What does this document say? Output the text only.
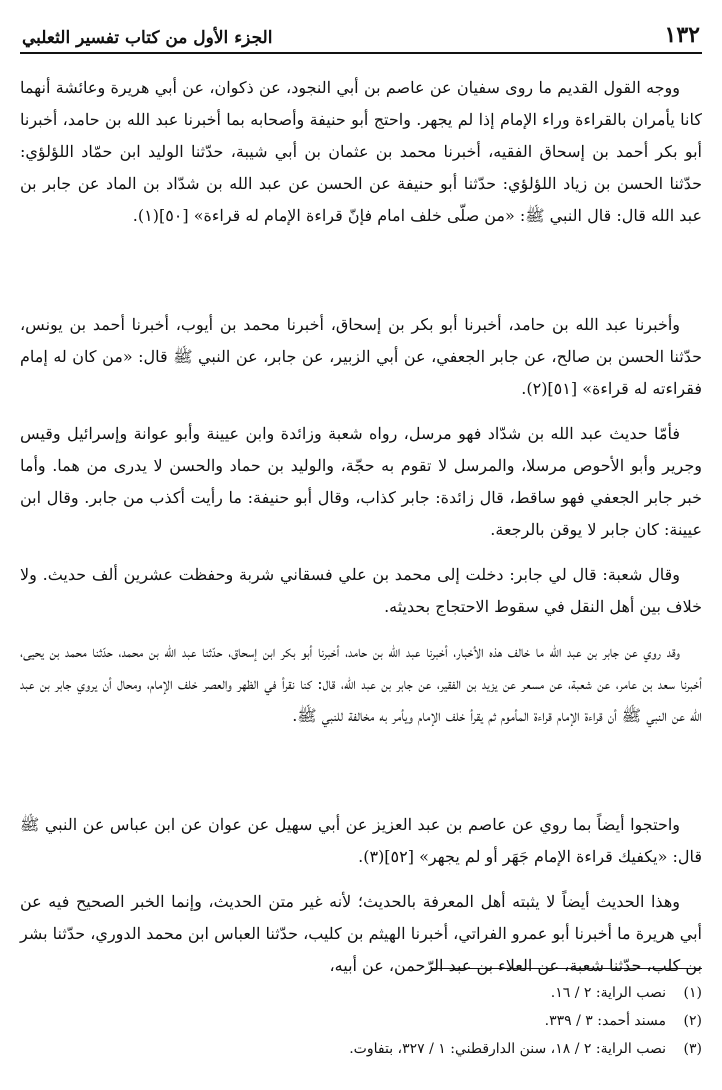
١٣٢
الجزء الأول من كتاب تفسير الثعلبي

ووجه القول القديم ما روى سفيان عن عاصم بن أبي النجود، عن ذكوان، عن أبي هريرة وعائشة أنهما كانا يأمران بالقراءة وراء الإمام إذا لم يجهر. واحتج أبو حنيفة وأصحابه بما أخبرنا عبد الله بن حامد، أخبرنا أبو بكر أحمد بن إسحاق الفقيه، أخبرنا محمد بن عثمان بن أبي شيبة، حدّثنا الوليد ابن حمّاد اللؤلؤي: حدّثنا الحسن بن زياد اللؤلؤي: حدّثنا أبو حنيفة عن الحسن عن عبد الله بن شدّاد بن الماد عن جابر بن عبد الله قال: قال النبي ﷺ: «من صلّى خلف امام فإنّ قراءة الإمام له قراءة» [٥٠](١).

وأخبرنا عبد الله بن حامد، أخبرنا أبو بكر بن إسحاق، أخبرنا محمد بن أيوب، أخبرنا أحمد بن يونس، حدّثنا الحسن بن صالح، عن جابر الجعفي، عن أبي الزبير، عن جابر، عن النبي ﷺ قال: «من كان له إمام فقراءته له قراءة» [٥١](٢).

فأمّا حديث عبد الله بن شدّاد فهو مرسل، رواه شعبة وزائدة وابن عيينة وأبو عوانة وإسرائيل وقيس وجرير وأبو الأحوص مرسلا، والمرسل لا تقوم به حجّة، والوليد بن حماد والحسن لا يدرى من هما. وأما خبر جابر الجعفي فهو ساقط، قال زائدة: جابر كذاب، وقال أبو حنيفة: ما رأيت أكذب من جابر. وقال ابن عيينة: كان جابر لا يوقن بالرجعة.

وقال شعبة: قال لي جابر: دخلت إلى محمد بن علي فسقاني شربة وحفظت عشرين ألف حديث. ولا خلاف بين أهل النقل في سقوط الاحتجاج بحديثه.

وقد روي عن جابر بن عبد الله ما خالف هذه الأخبار، أخبرنا عبد الله بن حامد، أخبرنا أبو بكر ابن إسحاق، حدّثنا عبد الله بن محمد، حدّثنا محمد بن يحيى، أخبرنا سعد بن عامر، عن شعبة، عن مسعر عن يزيد بن الفقير، عن جابر بن عبد الله، قال: كنا نقرأ في الظهر والعصر خلف الإمام، ومحال أن يروي جابر بن عبد الله عن النبي ﷺ أن قراءة الإمام قراءة المأموم ثم يقرأ خلف الإمام ويأمر به مخالفة للنبي ﷺ.

واحتجوا أيضاً بما روي عن عاصم بن عبد العزيز عن أبي سهيل عن عوان عن ابن عباس عن النبي ﷺ قال: «يكفيك قراءة الإمام جَهَر أو لم يجهر» [٥٢](٣).

وهذا الحديث أيضاً لا يثبته أهل المعرفة بالحديث؛ لأنه غير متن الحديث، وإنما الخبر الصحيح فيه عن أبي هريرة ما أخبرنا أبو عمرو الفراتي، أخبرنا الهيثم بن كليب، حدّثنا العباس ابن محمد الدوري، حدّثنا بشر بن كلب، حدّثنا شعبة، عن العلاء بن عبد الرّحمن، عن أبيه،

(١)
نصب الراية: ٢ / ١٦.
(٢)
مسند أحمد: ٣ / ٣٣٩.
(٣)
نصب الراية: ٢ / ١٨، سنن الدارقطني: ١ / ٣٢٧، بتفاوت.
